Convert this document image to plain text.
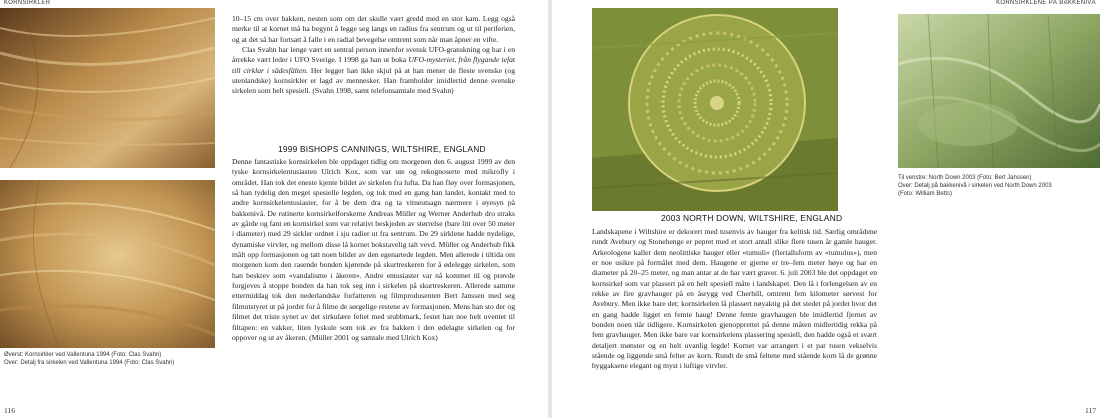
KORNSIRKLER
Øverst: Kornsirkler ved Vallentuna 1994 (Foto: Clas Svahn)
Over: Detalj fra sirkelen ved Vallentuna 1994 (Foto: Clas Svahn)

10–15 cm over bakken, nesten som om det skulle vært gredd med en stor kam. Legg også merke til at kornet må ha begynt å legge seg langs en radius fra sentrum og ut til periferien, og at det så har fortsatt å falle i en radial bevegelse omtrent som når man åpner en vifte.

Clas Svahn har lenge vært en sentral person innenfor svensk UFO-granskning og har i en årrekke vært leder i UFO Sverige. I 1998 ga han ut boka UFO-mysteriet, från flygande tefat till cirklar i sädesfälten. Her legger han ikke skjul på at han mener de fleste svenske (og utenlandske) kornsirkler er lagd av mennesker. Han framholder imidlertid denne svenske sirkelen som helt spesiell. (Svahn 1998, samt telefonsamtale med Svahn)

1999 BISHOPS CANNINGS, WILTSHIRE, ENGLAND

Denne fantastiske kornsirkelen ble oppdaget tidlig om morgenen den 6. august 1999 av den tyske kornsirkelentusiasten Ulrich Kox, som var ute og rekognoserte med mikrofly i området. Han tok det eneste kjente bildet av sirkelen fra lufta. Da han fløy over formasjonen, så han tydelig den meget spesielle legden, og tok med en gang han landet, kontakt med to andre kornsirkelentusiaster, for å be dem dra og ta vitneutsagn nærmere i øyesyn på bakkenivå. De rutinerte kornsirkelforskerne Andreas Müller og Werner Anderhub dro straks av gårde og fant en kornsirkel som var relativt beskjeden av størrelse (bare litt over 50 meter i diameter) med 29 sirkler ordnet i sju radier ut fra sentrum. De 29 sirklene hadde nydelige, dynamiske virvler, og mellom disse lå kornet bokstavelig talt vevd. Müller og Anderhub fikk målt opp formasjonen og tatt noen bilder av den egenartede legden. Men allerede i tiltida om morgenen kom den rasende bonden kjørende på skurtreskeren for å ødelegge sirkelen, som han beskrev som «vandalisme i åkeren». Andre entusiaster var nå kommet til og prøvde forgjeves å stoppe bonden da han tok seg inn i sirkelen på skurtreskeren. Allerede samme ettermiddag tok den nederlandske forfatteren og filmprodusenten Bert Janssen med seg filmutstyret ut på jordet for å filme de sørgelige restene av formasjonen. Mens han sto der og filmet det triste synet av det sirkulære feltet med stubbmark, festet han noe helt uventet til filtapen: en vakker, liten lyskule som tok av fra bakken i den ødelagte sirkelen og for oppover og ut av åkeren. (Müller 2001 og samtale med Ulrich Kox)

116
KORNSIRKLENE PÅ BAKKENIVÅ
Til venstre: North Down 2003 (Foto: Bert Janssen)
Over: Detalj på bakkenivå i sirkelen ved North Down 2003
(Foto: William Betts)
2003 NORTH DOWN, WILTSHIRE, ENGLAND

Landskapene i Wiltshire er dekorert med tusenvis av hauger fra keltisk tid. Særlig områdene rundt Avebury og Stonehenge er pepret med et stort antall slike flere tusen år gamle hauger. Arkeologene kaller dem neolittiske hauger eller «tumuli» (flertallsform av «tumulus»), men er noe usikre på formålet med dem. Haugene er gjerne er tre–fem meter høye og har en diameter på 20–25 meter, og man antar at de har vært graver. 6. juli 2003 ble det oppdaget en kornsirkel som var plassert på en helt spesiell måte i landskapet. Den lå i forlengelsen av en rekke av fire gravhauger på en åsrygg ved Cherhill, omtrent fem kilometer sørvest for Avebury. Men ikke bare det; kornsirkelen lå plassert nøyaktig på det stedet på jordet hvor det en gang hadde ligget en femte haug! Denne femte gravhaugen ble imidlertid fjernet av bonden noen tiår tidligere. Kornsirkelen gjenopprettet på denne måten midlertidig rekka på fem gravhauger. Men ikke bare var kornsirkelens plassering spesiell, den hadde også et svært detaljert mønster og en helt uvanlig legde! Kornet var arrangert i et par tusen vekselvis stående og liggende små felter av korn. Rundt de små feltene med stående korn lå de grønne byggaksene elegant og myst i luftige virvler.

117
